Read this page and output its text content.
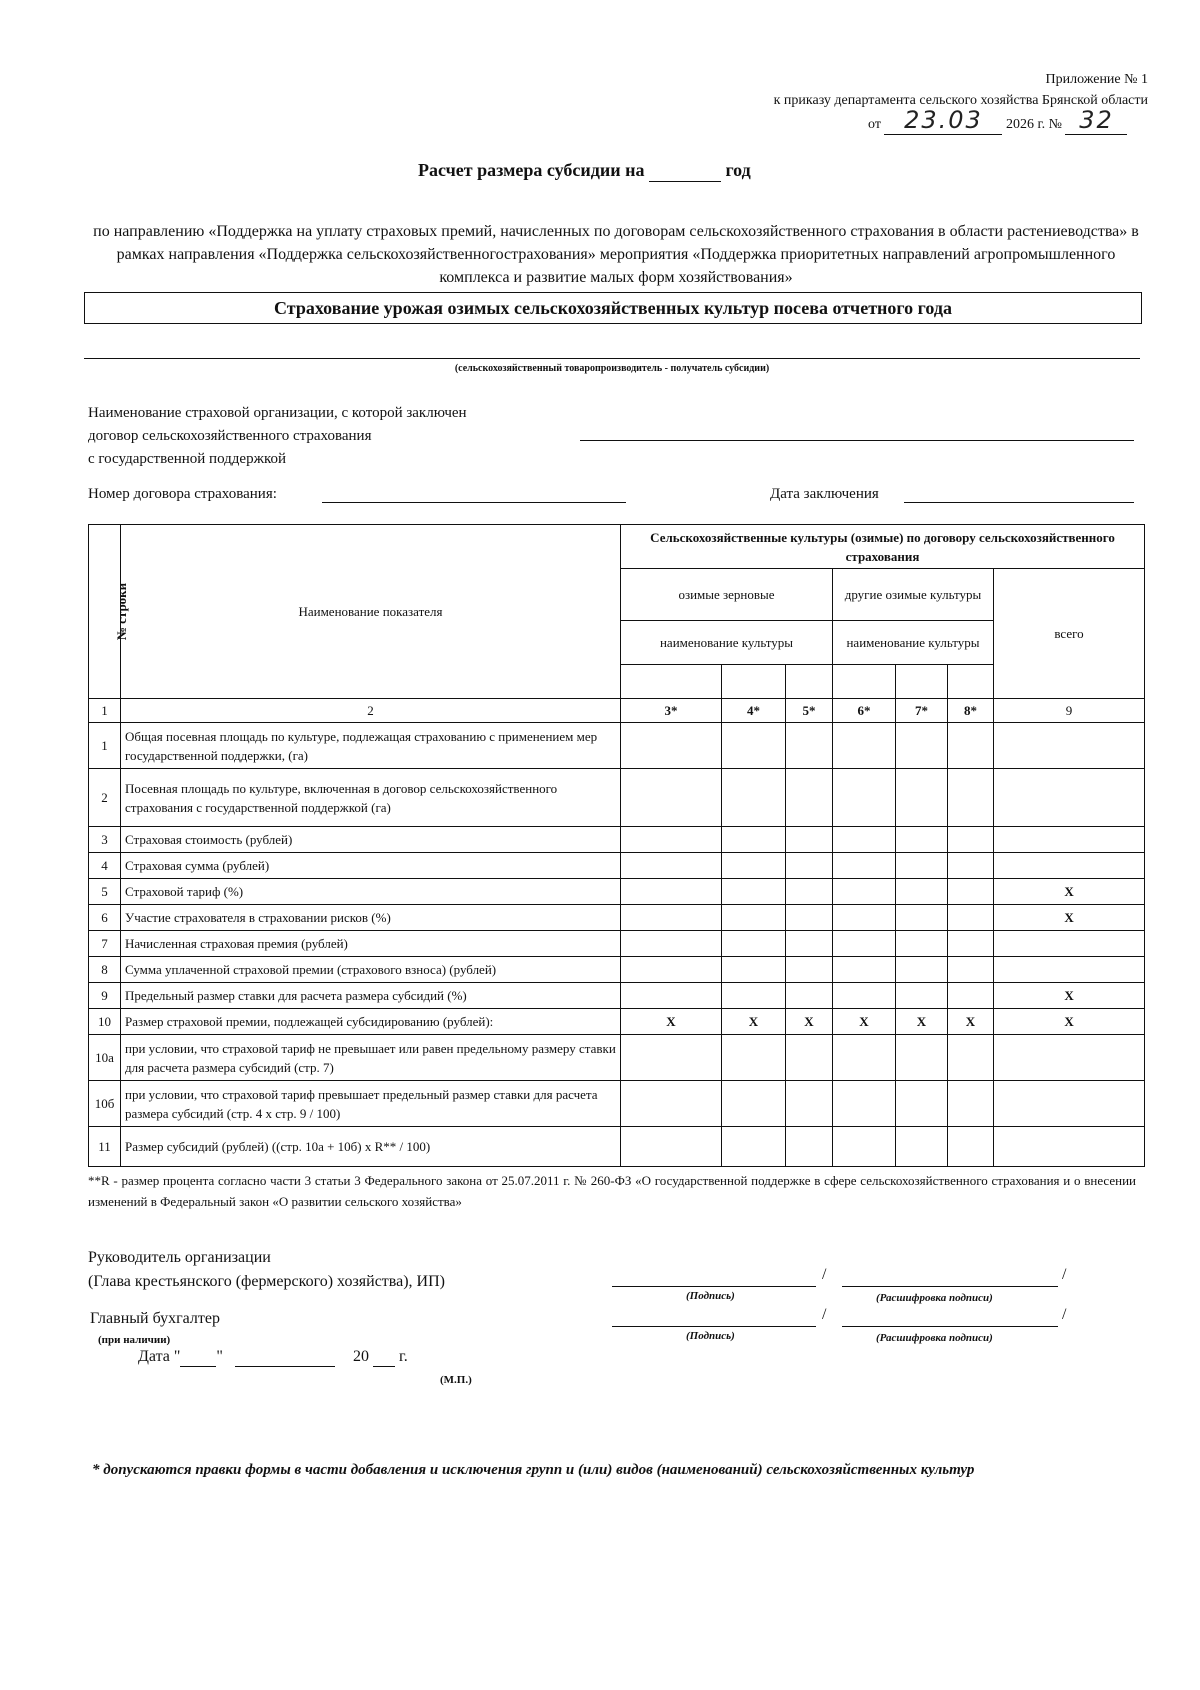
Приложение № 1
к приказу департамента сельского хозяйства Брянской области
от 23.03 2026 г. № 32
Расчет размера субсидии на	год
по направлению «Поддержка на уплату страховых премий, начисленных по договорам сельскохозяйственного страхования в области растениеводства» в рамках направления «Поддержка сельскохозяйственногострахования» мероприятия «Поддержка приоритетных направлений агропромышленного комплекса и развитие малых форм хозяйствования»
Страхование урожая озимых сельскохозяйственных культур посева отчетного года
(сельскохозяйственный товаропроизводитель - получатель субсидии)
Наименование страховой организации, с которой заключен
договор сельскохозяйственного страхования
с государственной поддержкой
Номер договора страхования:	Дата заключения
№ строки	Наименование показателя	Сельскохозяйственные культуры (озимые) по договору сельскохозяйственного страхования						
		озимые зерновые			другие озимые культуры			всего
		наименование культуры			наименование культуры			

1	2	3*	4*	5*	6*	7*	8*	9
1	Общая посевная площадь по культуре, подлежащая страхованию с применением мер государственной поддержки, (га)							
2	Посевная площадь по культуре, включенная в договор сельскохозяйственного страхования с государственной поддержкой (га)							
3	Страховая стоимость (рублей)							
4	Страховая сумма (рублей)							
5	Страховой тариф (%)							Х
6	Участие страхователя в страховании рисков (%)							Х
7	Начисленная страховая премия (рублей)							
8	Сумма уплаченной страховой премии (страхового взноса) (рублей)							
9	Предельный размер ставки для расчета размера субсидий (%)							Х
10	Размер страховой премии, подлежащей субсидированию (рублей):	Х	Х	Х	Х	Х	Х	Х
10а	при условии, что страховой тариф не превышает или равен предельному размеру ставки для расчета размера субсидий (стр. 7)							
10б	при условии, что страховой тариф превышает предельный размер ставки для расчета размера субсидий (стр. 4 х стр. 9 / 100)							
11	Размер субсидий (рублей) ((стр. 10а + 10б) х R** / 100)							
**R - размер процента согласно части 3 статьи 3 Федерального закона от 25.07.2011 г. № 260-ФЗ «О государственной поддержке в сфере сельскохозяйственного страхования и о внесении изменений в Федеральный закон «О развитии сельского хозяйства»
Руководитель организации
(Глава крестьянского (фермерского) хозяйства), ИП)	/	/
(Подпись)	(Расшифровка подписи)
Главный бухгалтер
(при наличии)
/	/
(Подпись)	(Расшифровка подписи)
Дата " "	20 г.
(М.П.)
* допускаются правки формы в части добавления и исключения групп и (или) видов (наименований) сельскохозяйственных культур
